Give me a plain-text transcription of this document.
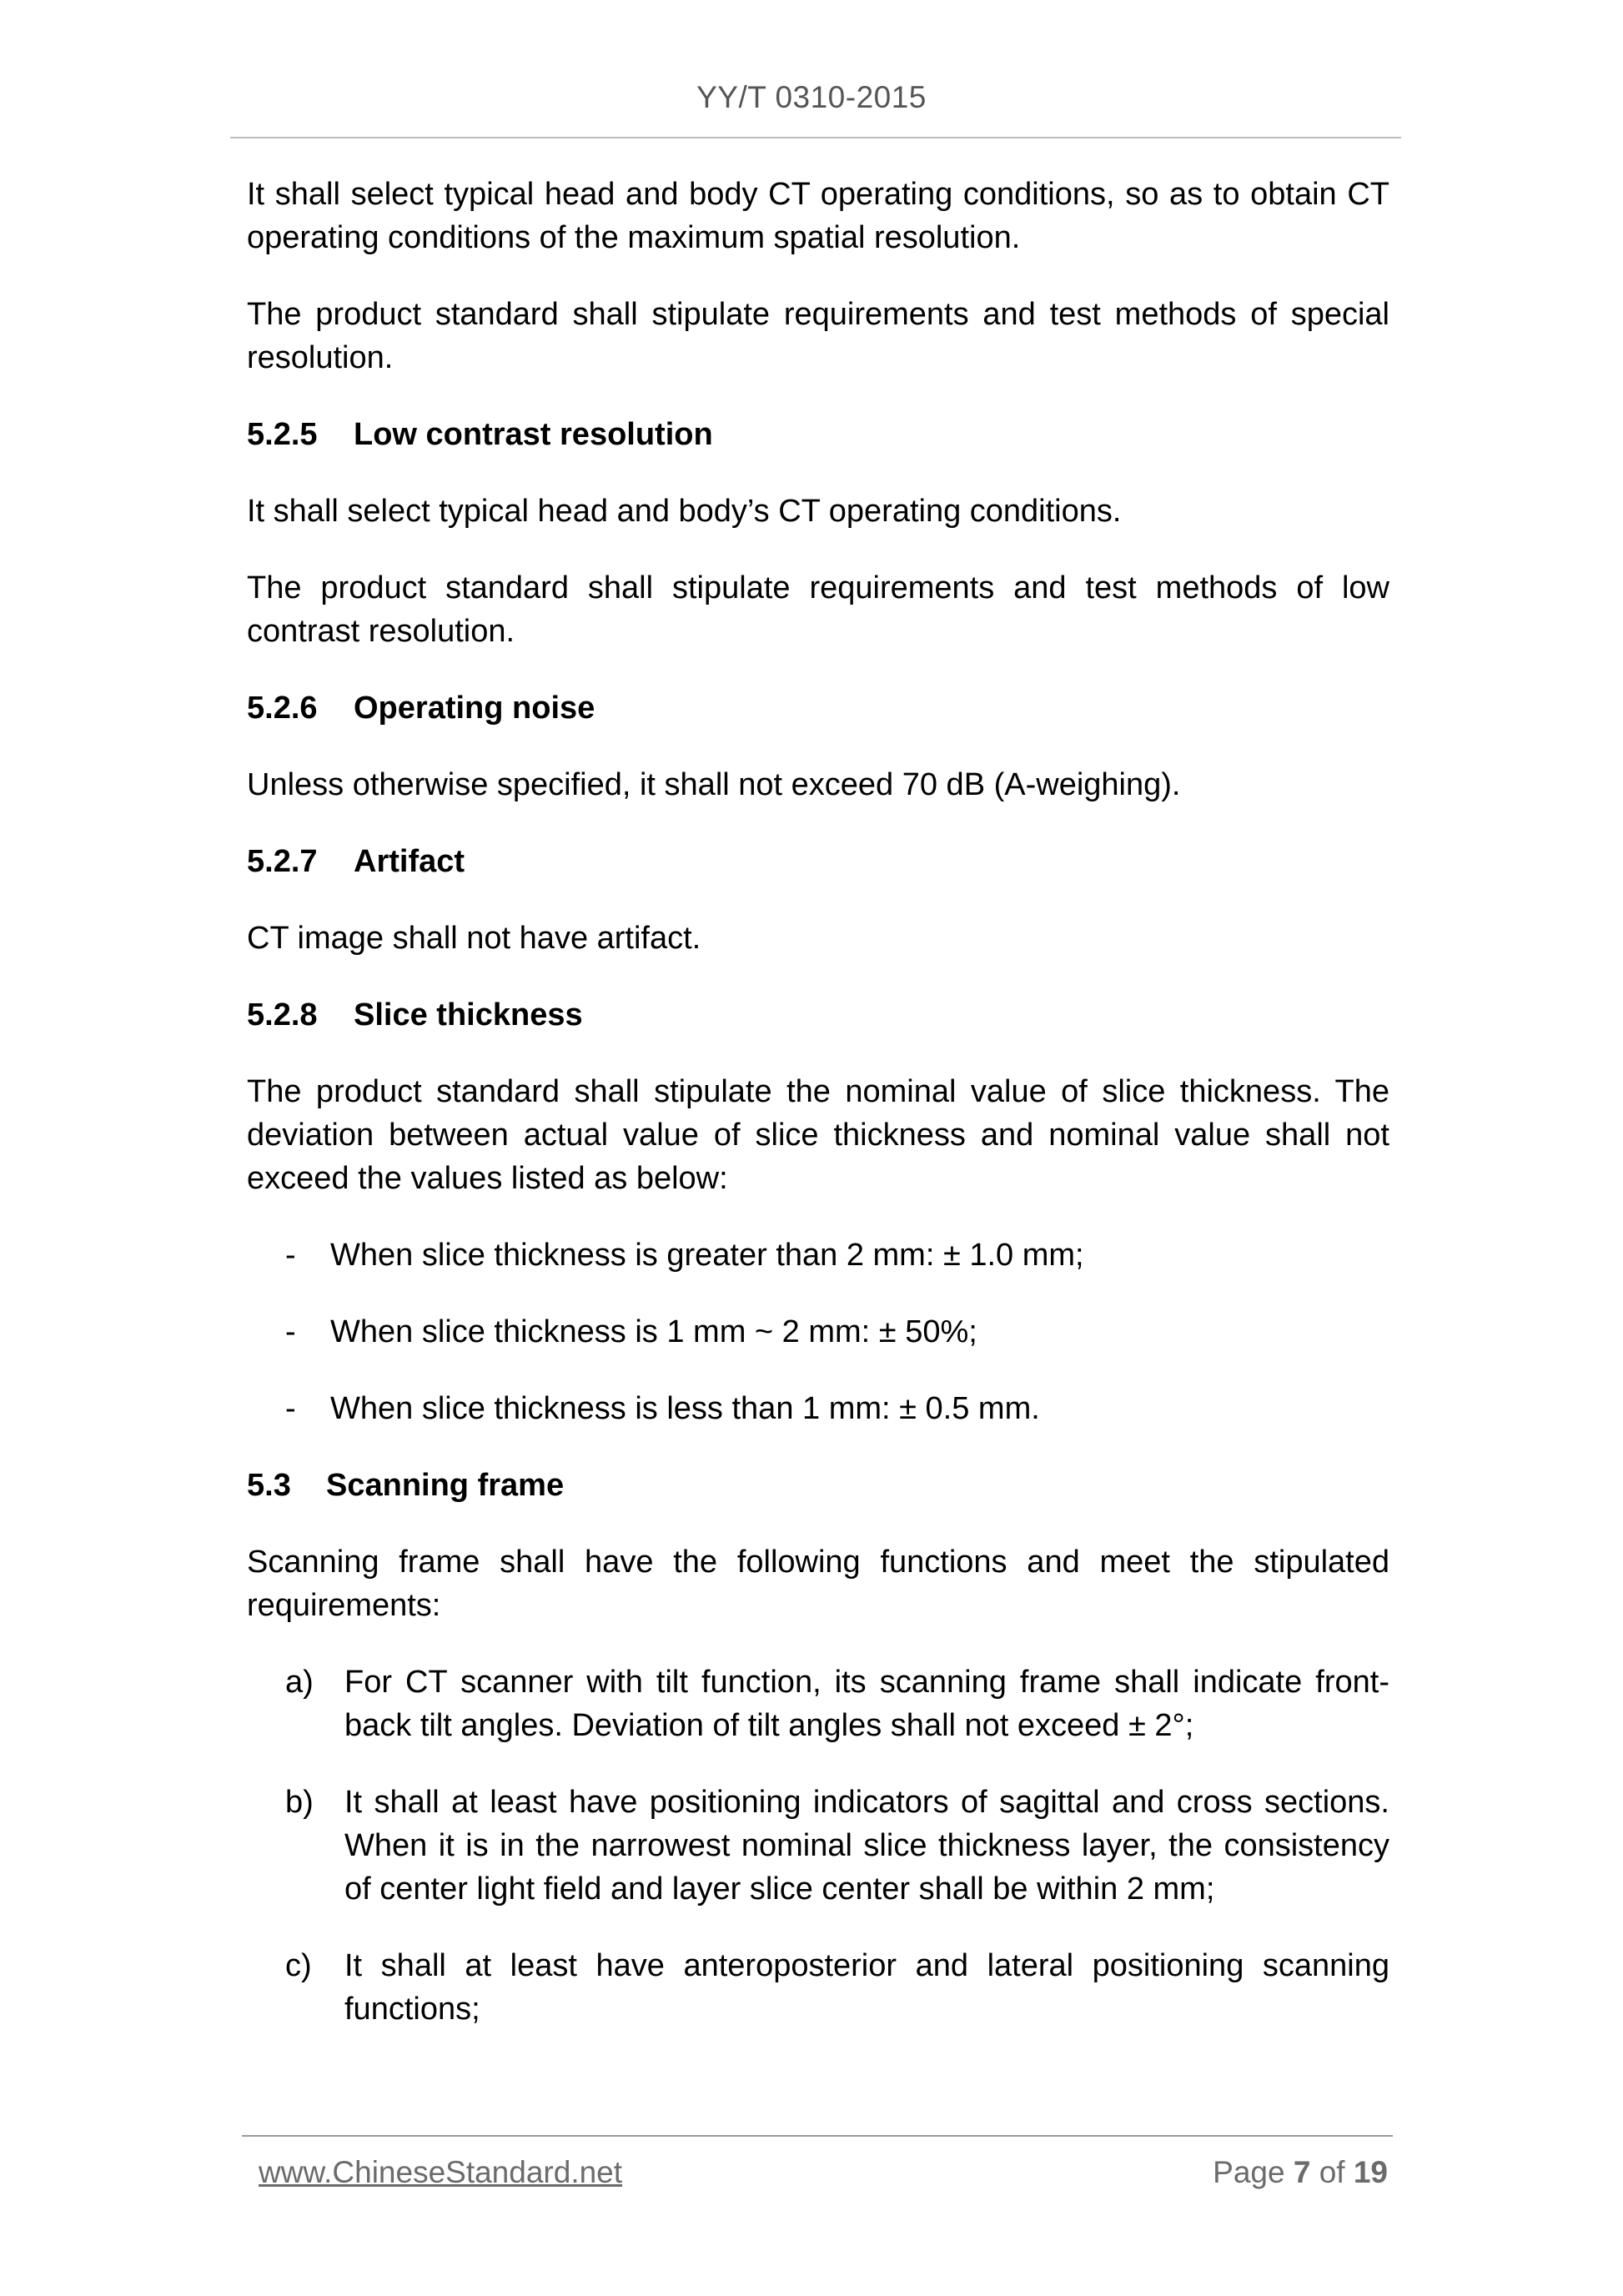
YY/T 0310-2015

It shall select typical head and body CT operating conditions, so as to obtain CT operating conditions of the maximum spatial resolution.

The product standard shall stipulate requirements and test methods of special resolution.

5.2.5 Low contrast resolution

It shall select typical head and body’s CT operating conditions.

The product standard shall stipulate requirements and test methods of low contrast resolution.

5.2.6 Operating noise

Unless otherwise specified, it shall not exceed 70 dB (A-weighing).

5.2.7 Artifact

CT image shall not have artifact.

5.2.8 Slice thickness

The product standard shall stipulate the nominal value of slice thickness. The deviation between actual value of slice thickness and nominal value shall not exceed the values listed as below:

- When slice thickness is greater than 2 mm: ± 1.0 mm;
- When slice thickness is 1 mm ~ 2 mm: ± 50%;
- When slice thickness is less than 1 mm: ± 0.5 mm.
5.3 Scanning frame

Scanning frame shall have the following functions and meet the stipulated requirements:

a) For CT scanner with tilt function, its scanning frame shall indicate front-back tilt angles. Deviation of tilt angles shall not exceed ± 2°;
b) It shall at least have positioning indicators of sagittal and cross sections. When it is in the narrowest nominal slice thickness layer, the consistency of center light field and layer slice center shall be within 2 mm;
c) It shall at least have anteroposterior and lateral positioning scanning functions;
www.ChineseStandard.net	Page 7 of 19
